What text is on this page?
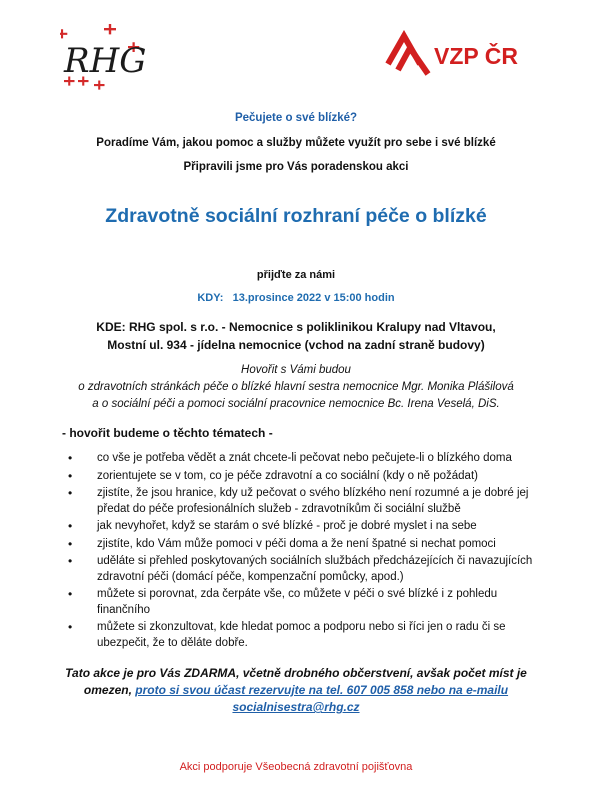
RHG	VZP ČR
Pečujete o své blízké?
Poradíme Vám, jakou pomoc a služby můžete využít pro sebe i své blízké
Připravili jsme pro Vás poradenskou akci
Zdravotně sociální rozhraní péče o blízké
přijďte za námi
KDY:   13.prosince 2022 v 15:00 hodin
KDE: RHG spol. s r.o. - Nemocnice s poliklinikou Kralupy nad Vltavou,
Mostní ul. 934 - jídelna nemocnice (vchod na zadní straně budovy)
Hovořit s Vámi budou
o zdravotních stránkách péče o blízké hlavní sestra nemocnice Mgr. Monika Plášilová
a o sociální péči a pomoci sociální pracovnice nemocnice Bc. Irena Veselá, DiS.
- hovořit budeme o těchto tématech -
• co vše je potřeba vědět a znát chcete-li pečovat nebo pečujete-li o blízkého doma
• zorientujete se v tom, co je péče zdravotní a co sociální (kdy o ně požádat)
• zjistíte, že jsou hranice, kdy už pečovat o svého blízkého není rozumné a je dobré jej předat do péče profesionálních služeb - zdravotníkům či sociální službě
• jak nevyhořet, když se starám o své blízké - proč je dobré myslet i na sebe
• zjistíte, kdo Vám může pomoci v péči doma a že není špatné si nechat pomoci
• uděláte si přehled poskytovaných sociálních službách předcházejících či navazujících zdravotní péči (domácí péče, kompenzační pomůcky, apod.)
• můžete si porovnat, zda čerpáte vše, co můžete v péči o své blízké i z pohledu finančního
• můžete si zkonzultovat, kde hledat pomoc a podporu nebo si říci jen o radu či se ubezpečit, že to děláte dobře.
Tato akce je pro Vás ZDARMA, včetně drobného občerstvení, avšak počet míst je
omezen, proto si svou účast rezervujte na tel. 607 005 858 nebo na e-mailu
socialnisestra@rhg.cz
Akci podporuje Všeobecná zdravotní pojišťovna
